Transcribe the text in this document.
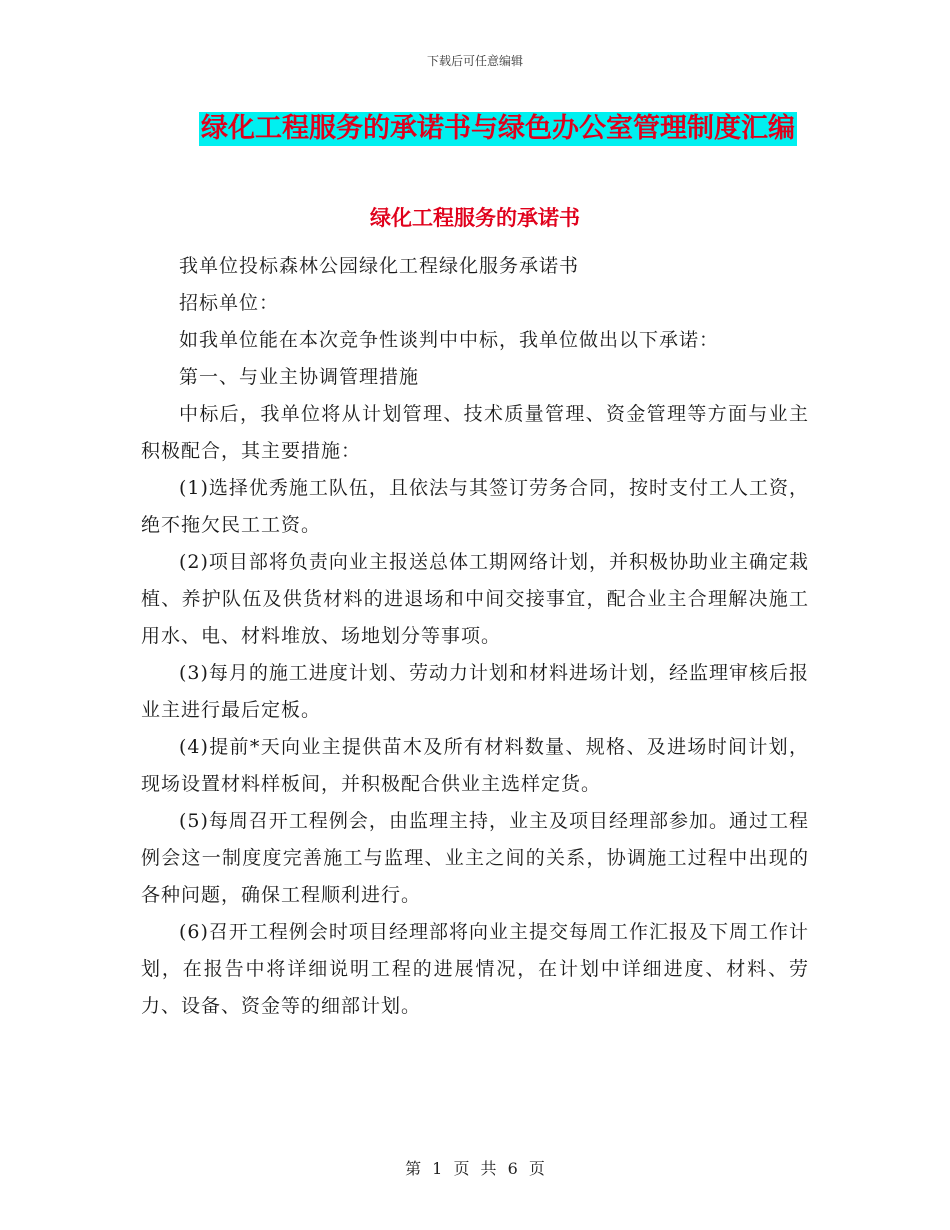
下载后可任意编辑
绿化工程服务的承诺书与绿色办公室管理制度汇编
绿化工程服务的承诺书

我单位投标森林公园绿化工程绿化服务承诺书

招标单位：

如我单位能在本次竞争性谈判中中标，我单位做出以下承诺：

第一、与业主协调管理措施

中标后，我单位将从计划管理、技术质量管理、资金管理等方面与业主积极配合，其主要措施：

(1)选择优秀施工队伍，且依法与其签订劳务合同，按时支付工人工资，绝不拖欠民工工资。

(2)项目部将负责向业主报送总体工期网络计划，并积极协助业主确定栽植、养护队伍及供货材料的进退场和中间交接事宜，配合业主合理解决施工用水、电、材料堆放、场地划分等事项。

(3)每月的施工进度计划、劳动力计划和材料进场计划，经监理审核后报业主进行最后定板。

(4)提前*天向业主提供苗木及所有材料数量、规格、及进场时间计划，现场设置材料样板间，并积极配合供业主选样定货。

(5)每周召开工程例会，由监理主持，业主及项目经理部参加。通过工程例会这一制度度完善施工与监理、业主之间的关系，协调施工过程中出现的各种问题，确保工程顺利进行。

(6)召开工程例会时项目经理部将向业主提交每周工作汇报及下周工作计划，在报告中将详细说明工程的进展情况，在计划中详细进度、材料、劳力、设备、资金等的细部计划。

第 1 页 共 6 页
